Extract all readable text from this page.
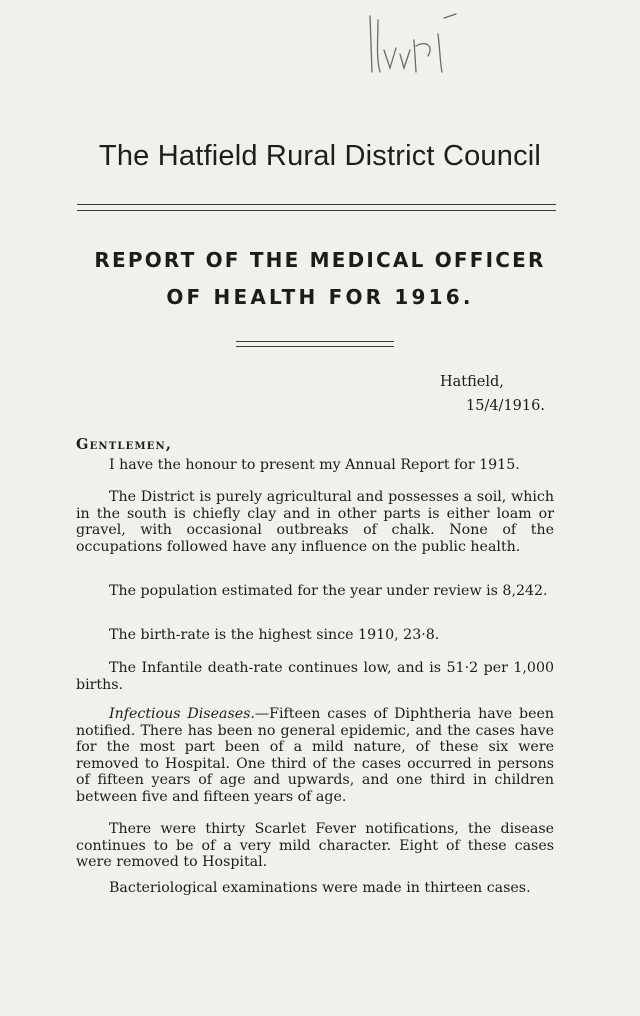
The Hatfield Rural District Council
REPORT OF THE MEDICAL OFFICER
OF HEALTH FOR 1916.
Hatfield,
15/4/1916.
Gentlemen,
I have the honour to present my Annual Report for 1915.
The District is purely agricultural and possesses a soil, which in the south is chiefly clay and in other parts is either loam or gravel, with occasional outbreaks of chalk. None of the occupations followed have any influence on the public health.
The population estimated for the year under review is 8,242.
The birth-rate is the highest since 1910, 23·8.
The Infantile death-rate continues low, and is 51·2 per 1,000 births.
Infectious Diseases.—Fifteen cases of Diphtheria have been notified. There has been no general epidemic, and the cases have for the most part been of a mild nature, of these six were removed to Hospital. One third of the cases occurred in persons of fifteen years of age and upwards, and one third in children between five and fifteen years of age.
There were thirty Scarlet Fever notifications, the disease continues to be of a very mild character. Eight of these cases were removed to Hospital.
Bacteriological examinations were made in thirteen cases.
